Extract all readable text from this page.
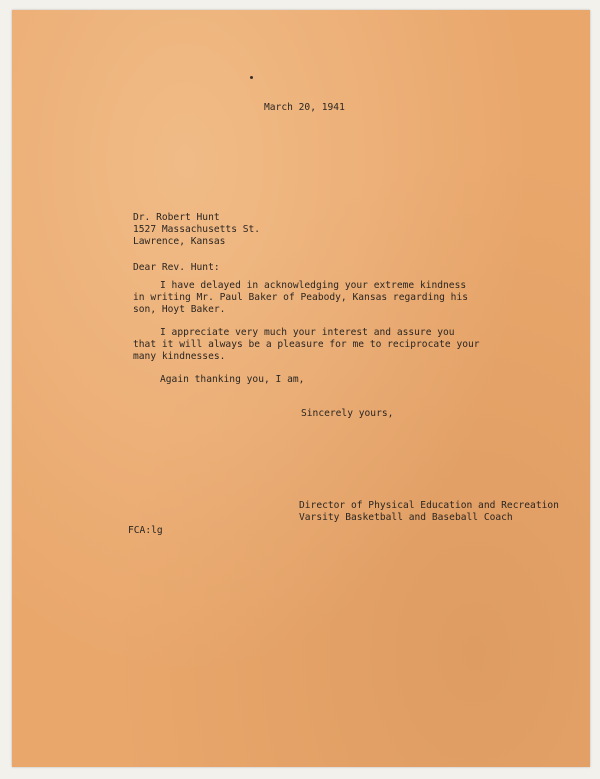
March 20, 1941

Dr. Robert Hunt

1527 Massachusetts St.

Lawrence, Kansas

Dear Rev. Hunt:

I have delayed in acknowledging your extreme kindness

in writing Mr. Paul Baker of Peabody, Kansas regarding his

son, Hoyt Baker.

I appreciate very much your interest and assure you

that it will always be a pleasure for me to reciprocate your

many kindnesses.

Again thanking you, I am,

Sincerely yours,

Director of Physical Education and Recreation

Varsity Basketball and Baseball Coach

FCA:lg
